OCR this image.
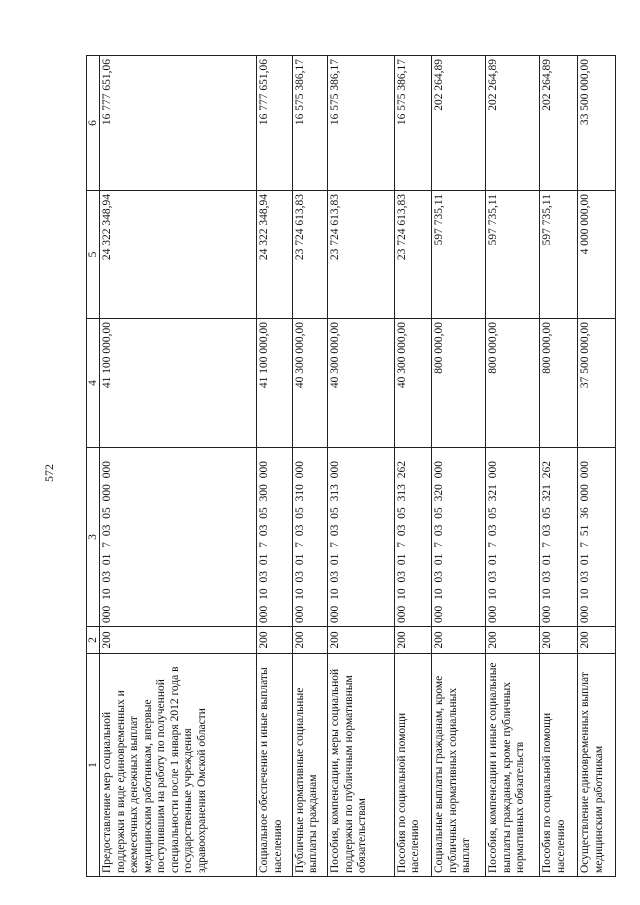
572
1	2	3	4	5	6
Предоставление мер социальной поддержки в виде единовременных и ежемесячных денежных выплат медицинским работникам, впервые поступившим на работу по полученной специальности после 1 января 2012 года в государственные учреждения здравоохранения Омской области	200	000 10 03 01 7 03 05 000 000	41 100 000,00	24 322 348,94	16 777 651,06
Социальное обеспечение и иные выплаты населению	200	000 10 03 01 7 03 05 300 000	41 100 000,00	24 322 348,94	16 777 651,06
Публичные нормативные социальные выплаты гражданам	200	000 10 03 01 7 03 05 310 000	40 300 000,00	23 724 613,83	16 575 386,17
Пособия, компенсации, меры социальной поддержки по публичным нормативным обязательствам	200	000 10 03 01 7 03 05 313 000	40 300 000,00	23 724 613,83	16 575 386,17
Пособия по социальной помощи населению	200	000 10 03 01 7 03 05 313 262	40 300 000,00	23 724 613,83	16 575 386,17
Социальные выплаты гражданам, кроме публичных нормативных социальных выплат	200	000 10 03 01 7 03 05 320 000	800 000,00	597 735,11	202 264,89
Пособия, компенсации и иные социальные выплаты гражданам, кроме публичных нормативных обязательств	200	000 10 03 01 7 03 05 321 000	800 000,00	597 735,11	202 264,89
Пособия по социальной помощи населению	200	000 10 03 01 7 03 05 321 262	800 000,00	597 735,11	202 264,89
Осуществление единовременных выплат медицинским работникам	200	000 10 03 01 7 51 36 000 000	37 500 000,00	4 000 000,00	33 500 000,00
